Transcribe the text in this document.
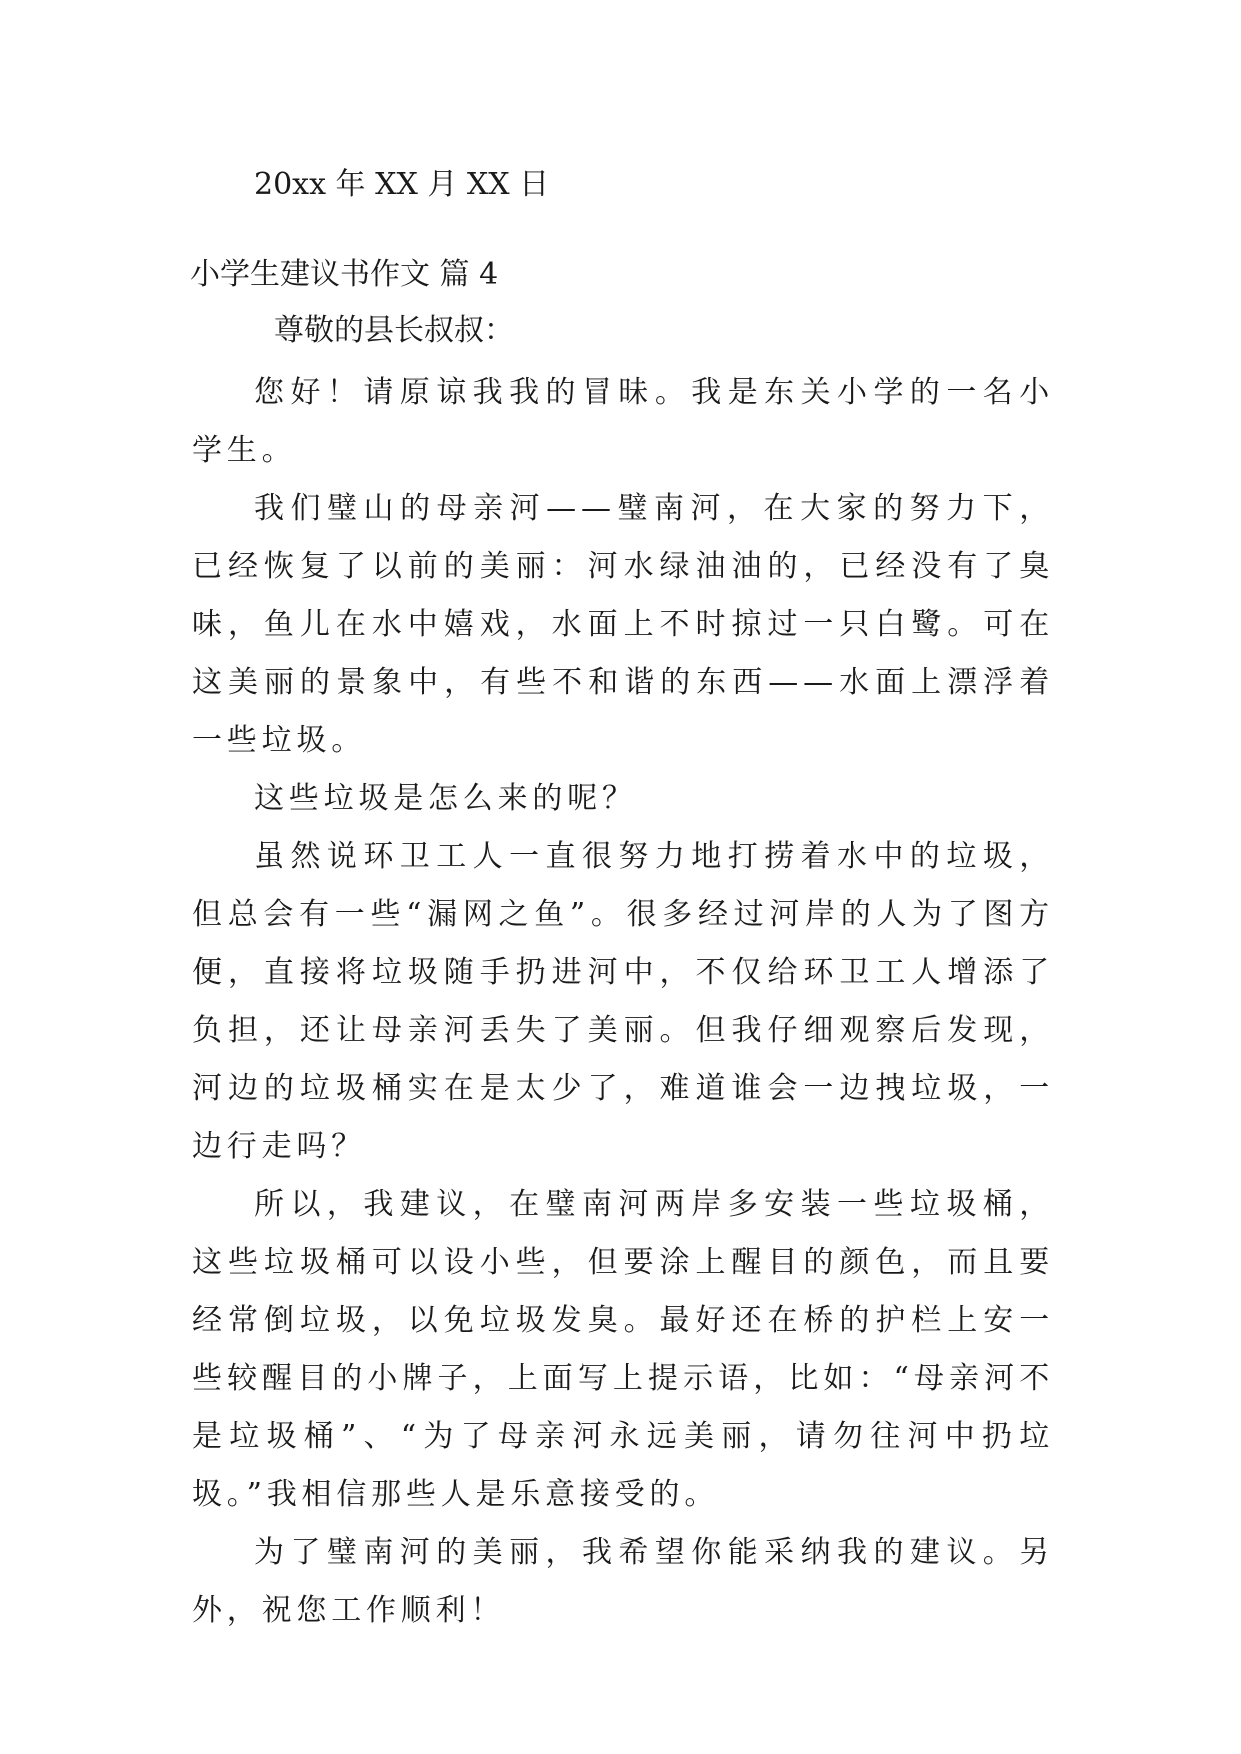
20xx 年 XX 月 XX 日
小学生建议书作文 篇 4
尊敬的县长叔叔：

您好！请原谅我我的冒昧。我是东关小学的一名小学生。

我们璧山的母亲河——璧南河，在大家的努力下，已经恢复了以前的美丽：河水绿油油的，已经没有了臭味，鱼儿在水中嬉戏，水面上不时掠过一只白鹭。可在这美丽的景象中，有些不和谐的东西——水面上漂浮着一些垃圾。

这些垃圾是怎么来的呢？

虽然说环卫工人一直很努力地打捞着水中的垃圾，但总会有一些“漏网之鱼”。很多经过河岸的人为了图方便，直接将垃圾随手扔进河中，不仅给环卫工人增添了负担，还让母亲河丢失了美丽。但我仔细观察后发现，河边的垃圾桶实在是太少了，难道谁会一边拽垃圾，一边行走吗？

所以，我建议，在璧南河两岸多安装一些垃圾桶，这些垃圾桶可以设小些，但要涂上醒目的颜色，而且要经常倒垃圾，以免垃圾发臭。最好还在桥的护栏上安一些较醒目的小牌子，上面写上提示语，比如：“母亲河不是垃圾桶”、“为了母亲河永远美丽，请勿往河中扔垃圾。”我相信那些人是乐意接受的。

为了璧南河的美丽，我希望你能采纳我的建议。另外，祝您工作顺利！
